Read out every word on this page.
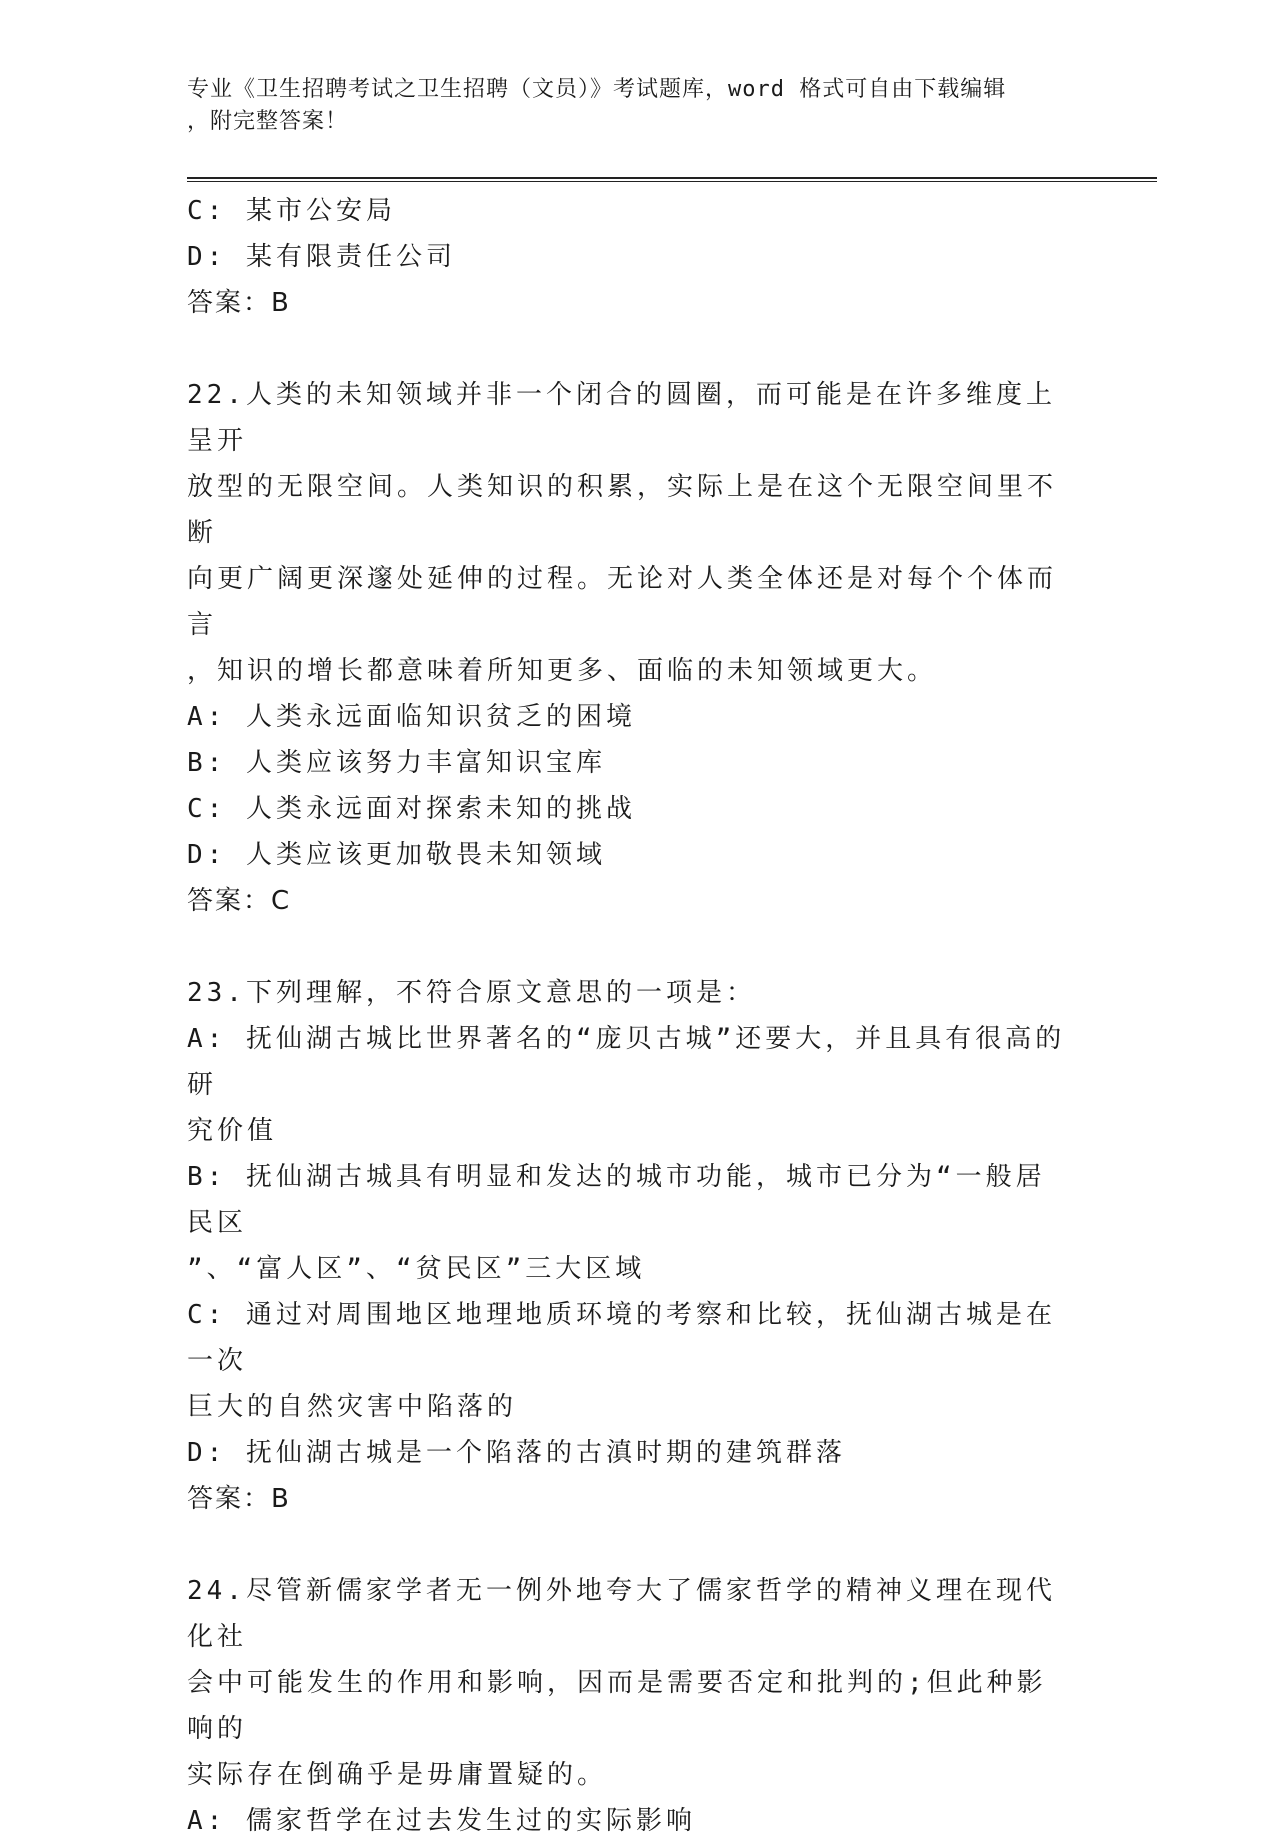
专业《卫生招聘考试之卫生招聘（文员）》考试题库，word 格式可自由下载编辑
，附完整答案！

C: 某市公安局

D: 某有限责任公司

答案：B

22.人类的未知领域并非一个闭合的圆圈，而可能是在许多维度上呈开

放型的无限空间。人类知识的积累，实际上是在这个无限空间里不断

向更广阔更深邃处延伸的过程。无论对人类全体还是对每个个体而言

，知识的增长都意味着所知更多、面临的未知领域更大。

A: 人类永远面临知识贫乏的困境

B: 人类应该努力丰富知识宝库

C: 人类永远面对探索未知的挑战

D: 人类应该更加敬畏未知领域

答案：C

23.下列理解，不符合原文意思的一项是：

A: 抚仙湖古城比世界著名的“庞贝古城”还要大，并且具有很高的研

究价值

B: 抚仙湖古城具有明显和发达的城市功能，城市已分为“一般居民区

”、“富人区”、“贫民区”三大区域

C: 通过对周围地区地理地质环境的考察和比较，抚仙湖古城是在一次

巨大的自然灾害中陷落的

D: 抚仙湖古城是一个陷落的古滇时期的建筑群落

答案：B

24.尽管新儒家学者无一例外地夸大了儒家哲学的精神义理在现代化社

会中可能发生的作用和影响，因而是需要否定和批判的;但此种影响的

实际存在倒确乎是毋庸置疑的。

A: 儒家哲学在过去发生过的实际影响
